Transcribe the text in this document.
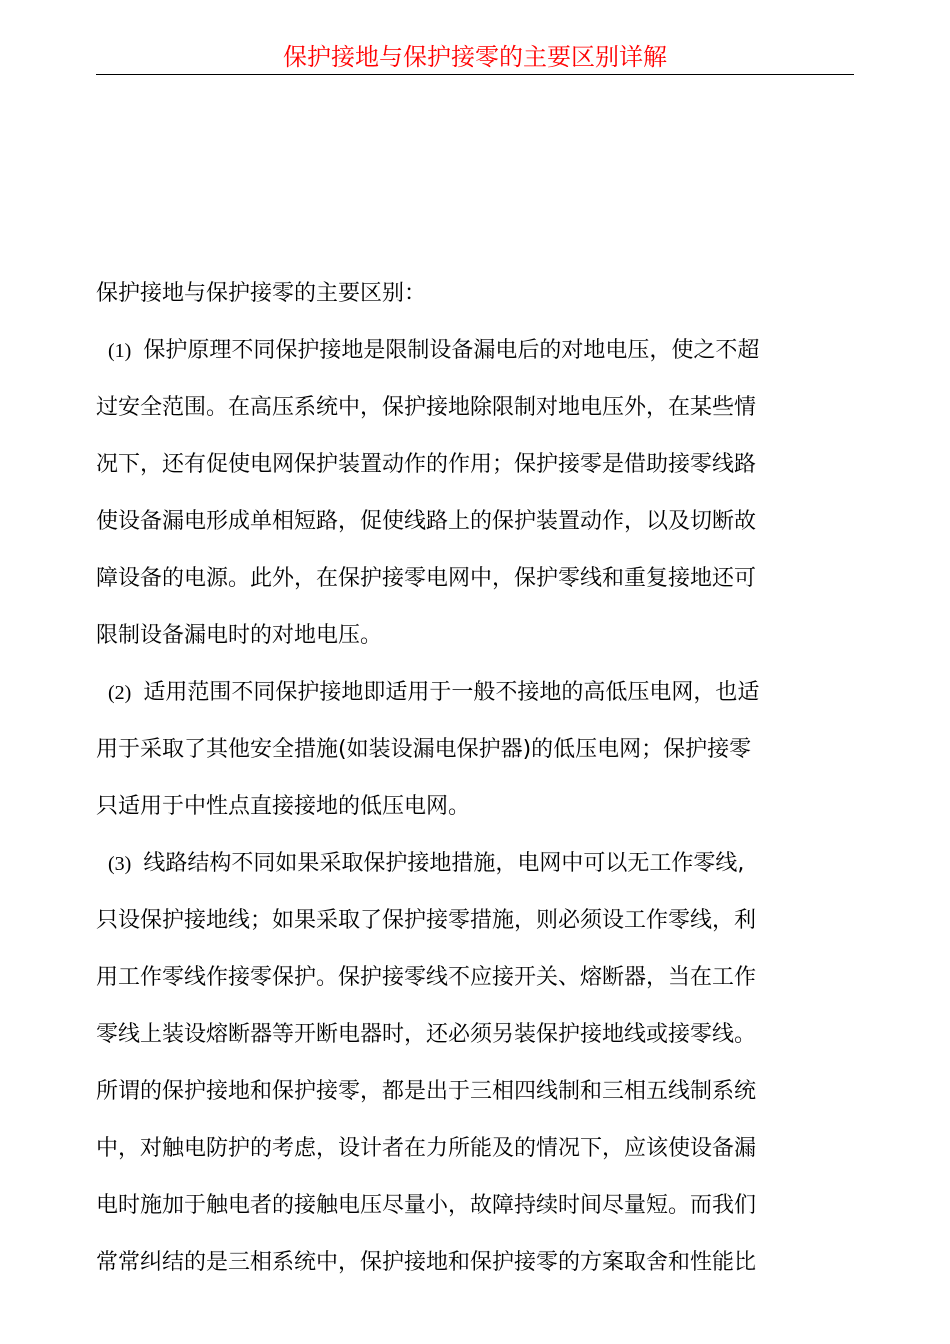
保护接地与保护接零的主要区别详解
保护接地与保护接零的主要区别：
(1) 保护原理不同保护接地是限制设备漏电后的对地电压，使之不超
过安全范围。在高压系统中，保护接地除限制对地电压外，在某些情
况下，还有促使电网保护装置动作的作用；保护接零是借助接零线路
使设备漏电形成单相短路，促使线路上的保护装置动作，以及切断故
障设备的电源。此外，在保护接零电网中，保护零线和重复接地还可
限制设备漏电时的对地电压。
(2) 适用范围不同保护接地即适用于一般不接地的高低压电网，也适
用于采取了其他安全措施(如装设漏电保护器)的低压电网；保护接零
只适用于中性点直接接地的低压电网。
(3) 线路结构不同如果采取保护接地措施，电网中可以无工作零线,
只设保护接地线；如果采取了保护接零措施，则必须设工作零线，利
用工作零线作接零保护。保护接零线不应接开关、熔断器，当在工作
零线上装设熔断器等开断电器时，还必须另装保护接地线或接零线。
所谓的保护接地和保护接零，都是出于三相四线制和三相五线制系统
中，对触电防护的考虑，设计者在力所能及的情况下，应该使设备漏
电时施加于触电者的接触电压尽量小，故障持续时间尽量短。而我们
常常纠结的是三相系统中，保护接地和保护接零的方案取舍和性能比
